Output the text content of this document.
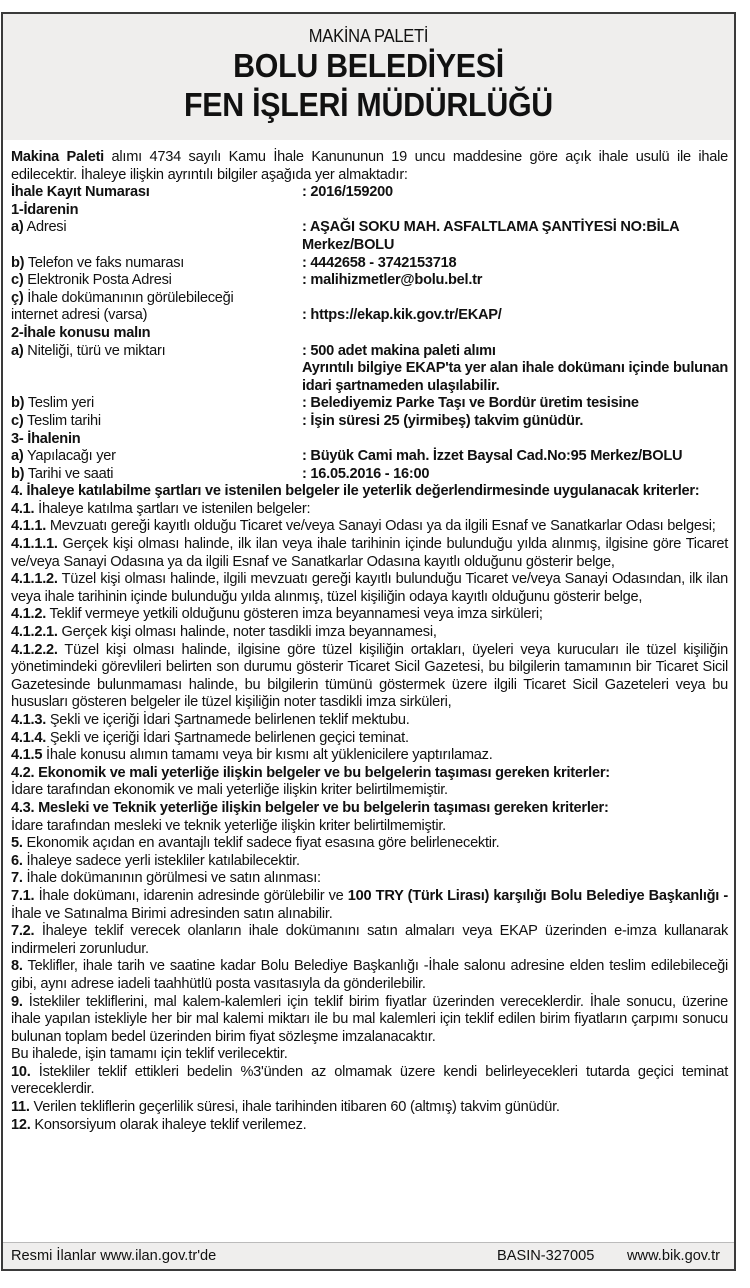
MAKİNA PALETİ
BOLU BELEDİYESİ
FEN İŞLERİ MÜDÜRLÜĞÜ

Makina Paleti alımı 4734 sayılı Kamu İhale Kanununun 19 uncu maddesine göre açık ihale usulü ile ihale edilecektir. İhaleye ilişkin ayrıntılı bilgiler aşağıda yer almaktadır:

İhale Kayıt Numarası	: 2016/159200

1-İdarenin

a) Adresi	: AŞAĞI SOKU MAH. ASFALTLAMA ŞANTİYESİ NO:BİLA Merkez/BOLU
b) Telefon ve faks numarası	: 4442658 - 3742153718
c) Elektronik Posta Adresi	: malihizmetler@bolu.bel.tr
ç) İhale dokümanının görülebileceği
internet adresi (varsa)	: https://ekap.kik.gov.tr/EKAP/

2-İhale konusu malın

a) Niteliği, türü ve miktarı	: 500 adet makina paleti alımı

Ayrıntılı bilgiye EKAP'ta yer alan ihale dokümanı içinde bulunan idari şartnameden ulaşılabilir.
b) Teslim yeri	: Belediyemiz Parke Taşı ve Bordür üretim tesisine
c) Teslim tarihi	: İşin süresi 25 (yirmibeş) takvim günüdür.

3- İhalenin

a) Yapılacağı yer	: Büyük Cami mah. İzzet Baysal Cad.No:95 Merkez/BOLU
b) Tarihi ve saati	: 16.05.2016 - 16:00

4. İhaleye katılabilme şartları ve istenilen belgeler ile yeterlik değerlendirmesinde uygulanacak kriterler:

4.1. İhaleye katılma şartları ve istenilen belgeler:

4.1.1. Mevzuatı gereği kayıtlı olduğu Ticaret ve/veya Sanayi Odası ya da ilgili Esnaf ve Sanatkarlar Odası belgesi;

4.1.1.1. Gerçek kişi olması halinde, ilk ilan veya ihale tarihinin içinde bulunduğu yılda alınmış, ilgisine göre Ticaret ve/veya Sanayi Odasına ya da ilgili Esnaf ve Sanatkarlar Odasına kayıtlı olduğunu gösterir belge,

4.1.1.2. Tüzel kişi olması halinde, ilgili mevzuatı gereği kayıtlı bulunduğu Ticaret ve/veya Sanayi Odasından, ilk ilan veya ihale tarihinin içinde bulunduğu yılda alınmış, tüzel kişiliğin odaya kayıtlı olduğunu gösterir belge,

4.1.2. Teklif vermeye yetkili olduğunu gösteren imza beyannamesi veya imza sirküleri;

4.1.2.1. Gerçek kişi olması halinde, noter tasdikli imza beyannamesi,

4.1.2.2. Tüzel kişi olması halinde, ilgisine göre tüzel kişiliğin ortakları, üyeleri veya kurucuları ile tüzel kişiliğin yönetimindeki görevlileri belirten son durumu gösterir Ticaret Sicil Gazetesi, bu bilgilerin tamamının bir Ticaret Sicil Gazetesinde bulunmaması halinde, bu bilgilerin tümünü göstermek üzere ilgili Ticaret Sicil Gazeteleri veya bu hususları gösteren belgeler ile tüzel kişiliğin noter tasdikli imza sirküleri,

4.1.3. Şekli ve içeriği İdari Şartnamede belirlenen teklif mektubu.

4.1.4. Şekli ve içeriği İdari Şartnamede belirlenen geçici teminat.

4.1.5 İhale konusu alımın tamamı veya bir kısmı alt yüklenicilere yaptırılamaz.

4.2. Ekonomik ve mali yeterliğe ilişkin belgeler ve bu belgelerin taşıması gereken kriterler:

İdare tarafından ekonomik ve mali yeterliğe ilişkin kriter belirtilmemiştir.

4.3. Mesleki ve Teknik yeterliğe ilişkin belgeler ve bu belgelerin taşıması gereken kriterler:

İdare tarafından mesleki ve teknik yeterliğe ilişkin kriter belirtilmemiştir.

5. Ekonomik açıdan en avantajlı teklif sadece fiyat esasına göre belirlenecektir.

6. İhaleye sadece yerli istekliler katılabilecektir.

7. İhale dokümanının görülmesi ve satın alınması:

7.1. İhale dokümanı, idarenin adresinde görülebilir ve 100 TRY (Türk Lirası) karşılığı Bolu Belediye Başkanlığı - İhale ve Satınalma Birimi adresinden satın alınabilir.

7.2. İhaleye teklif verecek olanların ihale dokümanını satın almaları veya EKAP üzerinden e-imza kullanarak indirmeleri zorunludur.

8. Teklifler, ihale tarih ve saatine kadar Bolu Belediye Başkanlığı -İhale salonu adresine elden teslim edilebileceği gibi, aynı adrese iadeli taahhütlü posta vasıtasıyla da gönderilebilir.

9. İstekliler tekliflerini, mal kalem-kalemleri için teklif birim fiyatlar üzerinden vereceklerdir. İhale sonucu, üzerine ihale yapılan istekliyle her bir mal kalemi miktarı ile bu mal kalemleri için teklif edilen birim fiyatların çarpımı sonucu bulunan toplam bedel üzerinden birim fiyat sözleşme imzalanacaktır.

Bu ihalede, işin tamamı için teklif verilecektir.

10. İstekliler teklif ettikleri bedelin %3'ünden az olmamak üzere kendi belirleyecekleri tutarda geçici teminat vereceklerdir.

11. Verilen tekliflerin geçerlilik süresi, ihale tarihinden itibaren 60 (altmış) takvim günüdür.

12. Konsorsiyum olarak ihaleye teklif verilemez.

Resmi İlanlar www.ilan.gov.tr'de	BASIN-327005 www.bik.gov.tr
